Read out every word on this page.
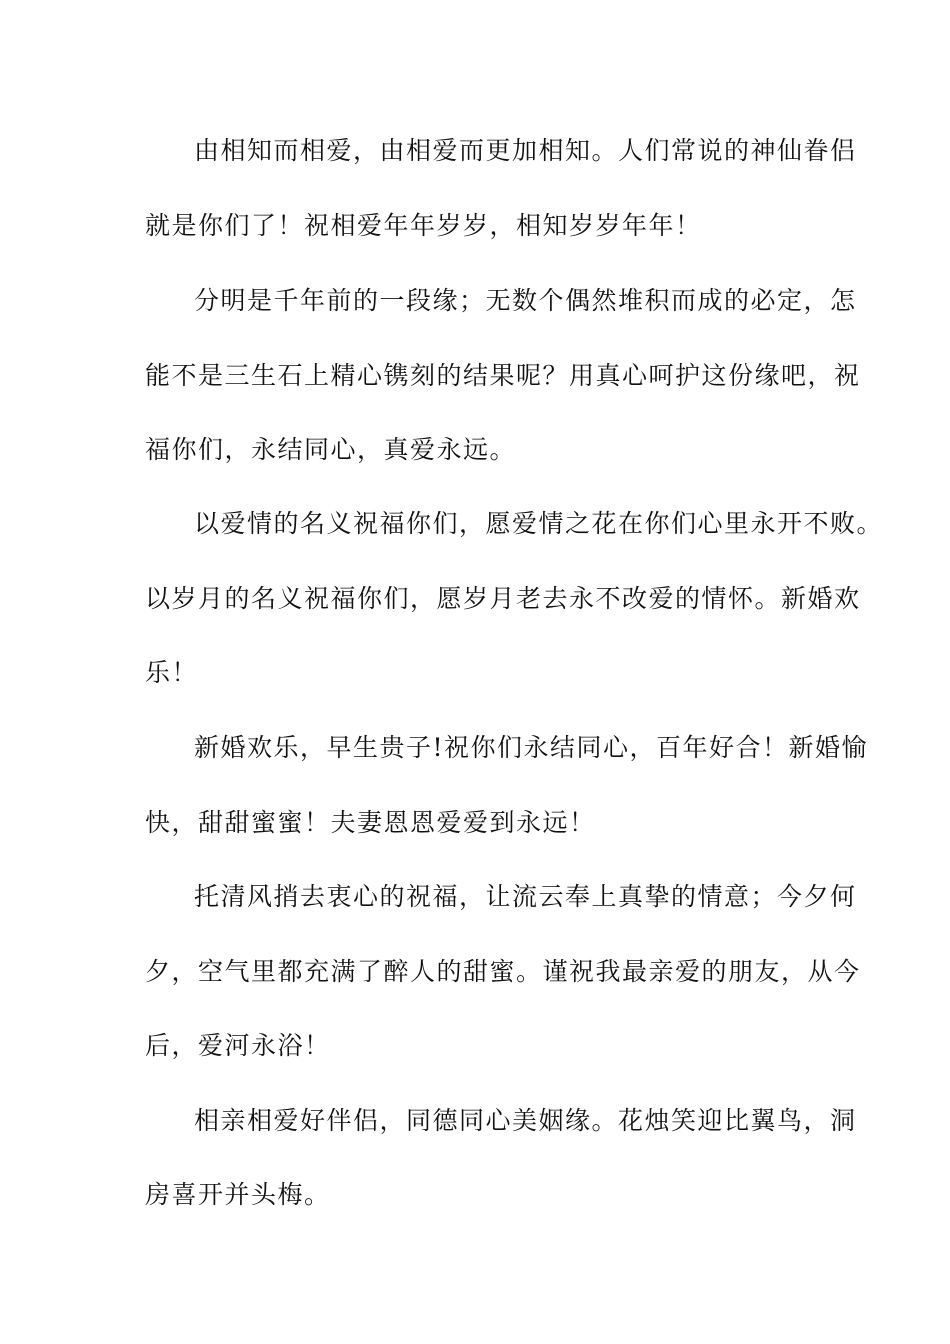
由相知而相爱，由相爱而更加相知。人们常说的神仙眷侣
就是你们了！祝相爱年年岁岁，相知岁岁年年！
分明是千年前的一段缘；无数个偶然堆积而成的必定，怎
能不是三生石上精心镌刻的结果呢？用真心呵护这份缘吧，祝
福你们，永结同心，真爱永远。
以爱情的名义祝福你们，愿爱情之花在你们心里永开不败。
以岁月的名义祝福你们，愿岁月老去永不改爱的情怀。新婚欢
乐！
新婚欢乐，早生贵子!祝你们永结同心，百年好合！新婚愉
快，甜甜蜜蜜！夫妻恩恩爱爱到永远！
托清风捎去衷心的祝福，让流云奉上真挚的情意；今夕何
夕，空气里都充满了醉人的甜蜜。谨祝我最亲爱的朋友，从今
后，爱河永浴！
相亲相爱好伴侣，同德同心美姻缘。花烛笑迎比翼鸟，洞
房喜开并头梅。
